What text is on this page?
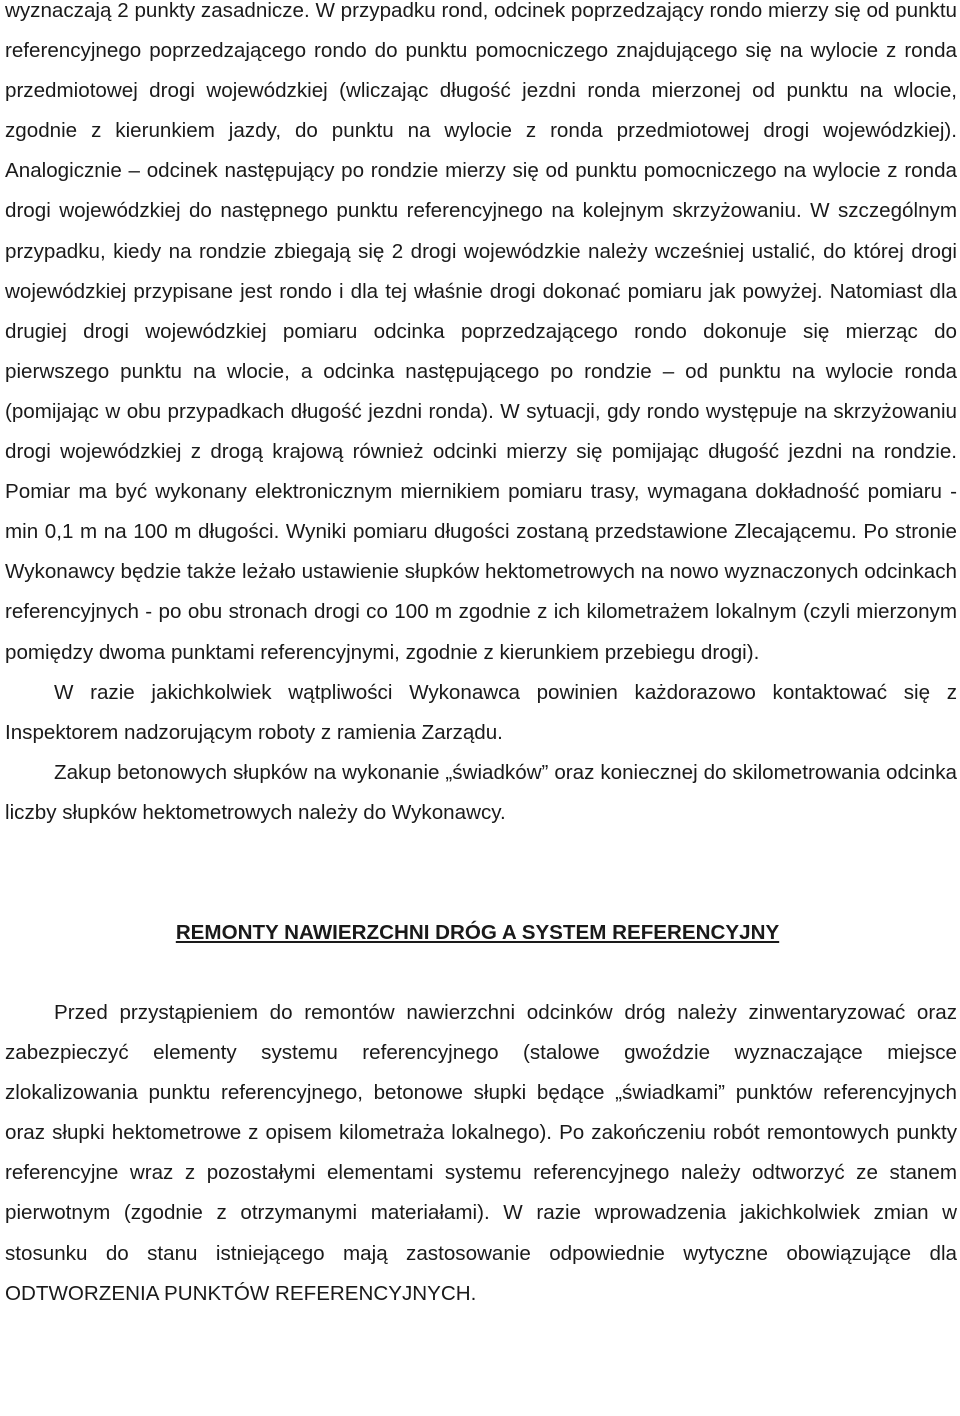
wyznaczają 2 punkty zasadnicze. W przypadku rond, odcinek poprzedzający rondo mierzy się od punktu referencyjnego poprzedzającego rondo do punktu pomocniczego znajdującego się na wylocie z ronda przedmiotowej drogi wojewódzkiej (wliczając długość jezdni ronda mierzonej od punktu na wlocie, zgodnie z kierunkiem jazdy, do punktu na wylocie z ronda przedmiotowej drogi wojewódzkiej). Analogicznie – odcinek następujący po rondzie mierzy się od punktu pomocniczego na wylocie z ronda drogi wojewódzkiej do następnego punktu referencyjnego na kolejnym skrzyżowaniu. W szczególnym przypadku, kiedy na rondzie zbiegają się 2 drogi wojewódzkie należy wcześniej ustalić, do której drogi wojewódzkiej przypisane jest rondo i dla tej właśnie drogi dokonać pomiaru jak powyżej. Natomiast dla drugiej drogi wojewódzkiej pomiaru odcinka poprzedzającego rondo dokonuje się mierząc do pierwszego punktu na wlocie, a odcinka następującego po rondzie – od punktu na wylocie ronda (pomijając w obu przypadkach długość jezdni ronda). W sytuacji, gdy rondo występuje na skrzyżowaniu drogi wojewódzkiej z drogą krajową również odcinki mierzy się pomijając długość jezdni na rondzie. Pomiar ma być wykonany elektronicznym miernikiem pomiaru trasy, wymagana dokładność pomiaru - min 0,1 m na 100 m długości. Wyniki pomiaru długości zostaną przedstawione Zlecającemu. Po stronie Wykonawcy będzie także leżało ustawienie słupków hektometrowych na nowo wyznaczonych odcinkach referencyjnych - po obu stronach drogi co 100 m zgodnie z ich kilometrażem lokalnym (czyli mierzonym pomiędzy dwoma punktami referencyjnymi, zgodnie z kierunkiem przebiegu drogi).

W razie jakichkolwiek wątpliwości Wykonawca powinien każdorazowo kontaktować się z Inspektorem nadzorującym roboty z ramienia Zarządu.

Zakup betonowych słupków na wykonanie „świadków” oraz koniecznej do skilometrowania odcinka liczby słupków hektometrowych należy do Wykonawcy.

REMONTY NAWIERZCHNI DRÓG A SYSTEM REFERENCYJNY

Przed przystąpieniem do remontów nawierzchni odcinków dróg należy zinwentaryzować oraz zabezpieczyć elementy systemu referencyjnego (stalowe gwoździe wyznaczające miejsce zlokalizowania punktu referencyjnego, betonowe słupki będące „świadkami” punktów referencyjnych oraz słupki hektometrowe z opisem kilometraża lokalnego). Po zakończeniu robót remontowych punkty referencyjne wraz z pozostałymi elementami systemu referencyjnego należy odtworzyć ze stanem pierwotnym (zgodnie z otrzymanymi materiałami). W razie wprowadzenia jakichkolwiek zmian w stosunku do stanu istniejącego mają zastosowanie odpowiednie wytyczne obowiązujące dla ODTWORZENIA PUNKTÓW REFERENCYJNYCH.
